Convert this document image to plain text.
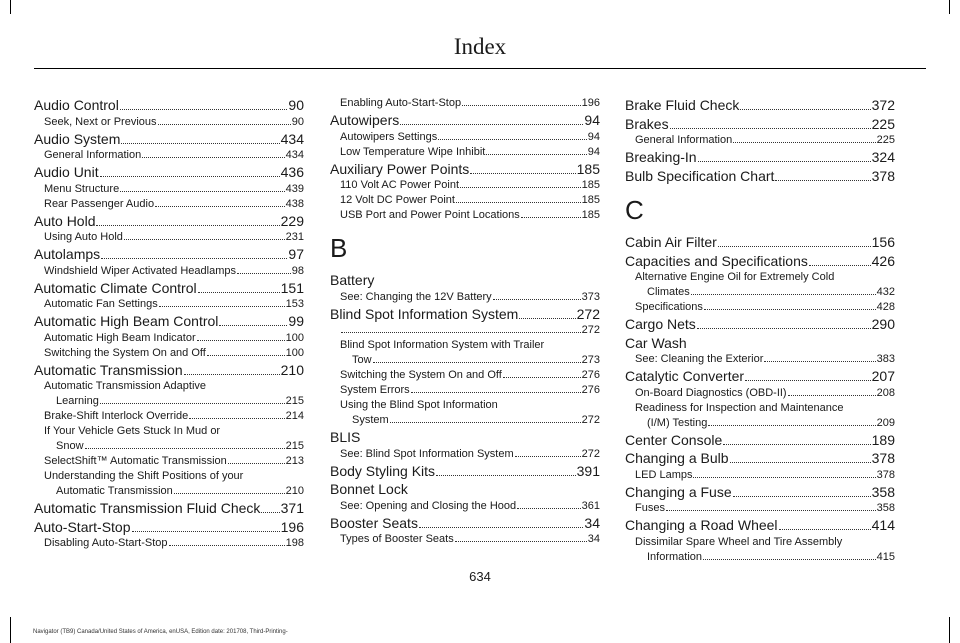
Index
Audio Control	90
Seek, Next or Previous	90
Audio System	434
General Information	434
Audio Unit	436
Menu Structure	439
Rear Passenger Audio	438
Auto Hold	229
Using Auto Hold	231
Autolamps	97
Windshield Wiper Activated Headlamps	98
Automatic Climate Control	151
Automatic Fan Settings	153
Automatic High Beam Control	99
Automatic High Beam Indicator	100
Switching the System On and Off	100
Automatic Transmission	210
Automatic Transmission Adaptive
Learning	215
Brake-Shift Interlock Override	214
If Your Vehicle Gets Stuck In Mud or
Snow	215
SelectShift™ Automatic Transmission	213
Understanding the Shift Positions of your
Automatic Transmission	210
Automatic Transmission Fluid Check 371
Auto-Start-Stop	196
Disabling Auto-Start-Stop	198
Enabling Auto-Start-Stop	196
Autowipers	94
Autowipers Settings	94
Low Temperature Wipe Inhibit	94
Auxiliary Power Points	185
110 Volt AC Power Point	185
12 Volt DC Power Point	185
USB Port and Power Point Locations	185
B
Battery
See: Changing the 12V Battery	373
Blind Spot Information System	272
272
Blind Spot Information System with Trailer
Tow	273
Switching the System On and Off	276
System Errors	276
Using the Blind Spot Information
System	272
BLIS
See: Blind Spot Information System	272
Body Styling Kits	391
Bonnet Lock
See: Opening and Closing the Hood	361
Booster Seats	34
Types of Booster Seats	34
Brake Fluid Check	372
Brakes	225
General Information	225
Breaking-In	324
Bulb Specification Chart	378
C
Cabin Air Filter	156
Capacities and Specifications	426
Alternative Engine Oil for Extremely Cold
Climates	432
Specifications	428
Cargo Nets	290
Car Wash
See: Cleaning the Exterior	383
Catalytic Converter	207
On-Board Diagnostics (OBD-II)	208
Readiness for Inspection and Maintenance
(I/M) Testing	209
Center Console	189
Changing a Bulb	378
LED Lamps	378
Changing a Fuse	358
Fuses	358
Changing a Road Wheel	414
Dissimilar Spare Wheel and Tire Assembly
Information	415
634
Navigator (TB9) Canada/United States of America, enUSA, Edition date: 201708, Third-Printing-
